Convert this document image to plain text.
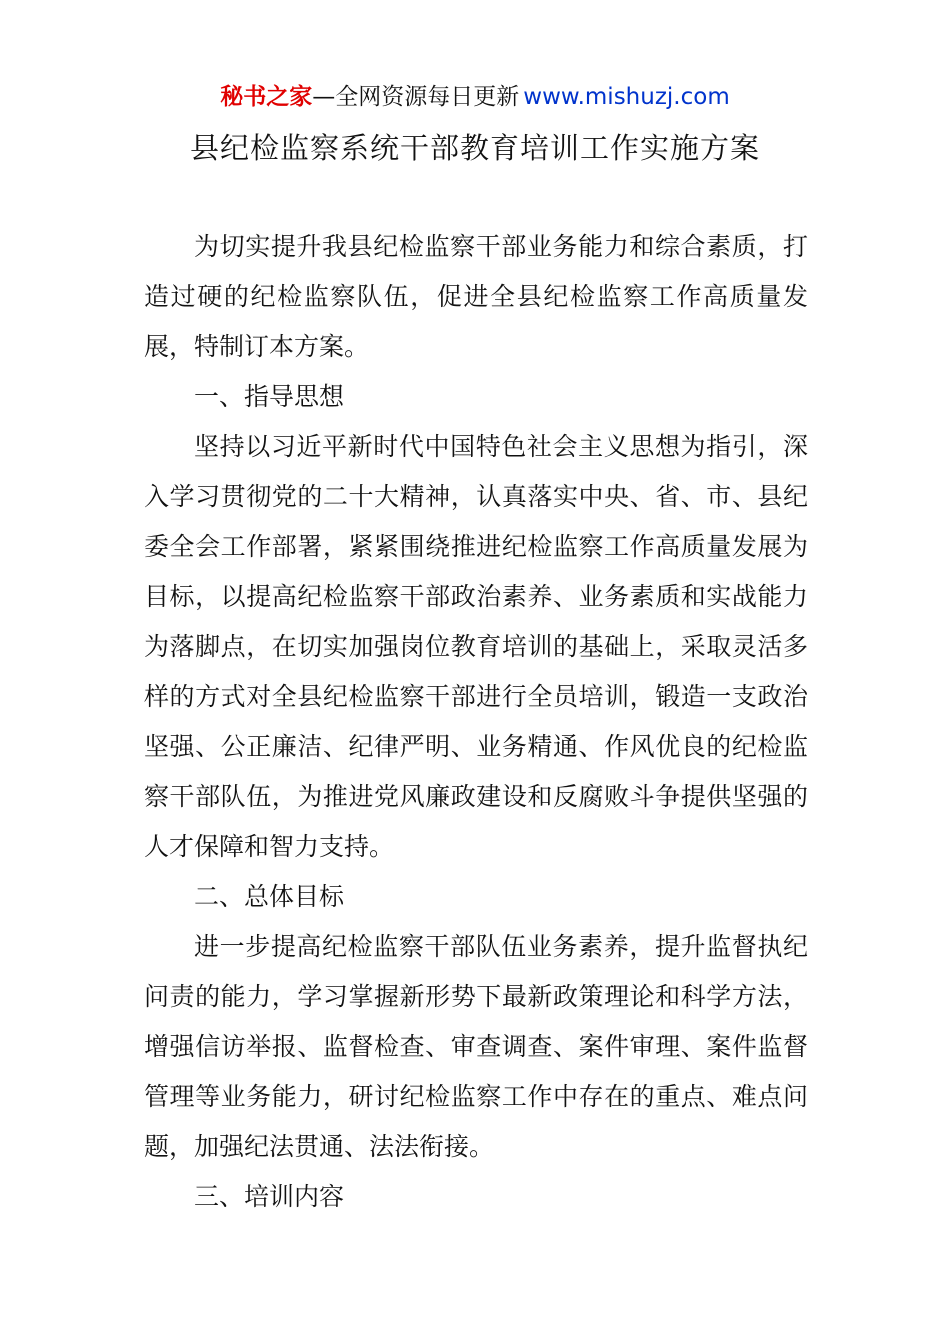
秘书之家—全网资源每日更新 www.mishuzj.com
县纪检监察系统干部教育培训工作实施方案

为切实提升我县纪检监察干部业务能力和综合素质，打造过硬的纪检监察队伍，促进全县纪检监察工作高质量发展，特制订本方案。

一、指导思想

坚持以习近平新时代中国特色社会主义思想为指引，深入学习贯彻党的二十大精神，认真落实中央、省、市、县纪委全会工作部署，紧紧围绕推进纪检监察工作高质量发展为目标，以提高纪检监察干部政治素养、业务素质和实战能力为落脚点，在切实加强岗位教育培训的基础上，采取灵活多样的方式对全县纪检监察干部进行全员培训，锻造一支政治坚强、公正廉洁、纪律严明、业务精通、作风优良的纪检监察干部队伍，为推进党风廉政建设和反腐败斗争提供坚强的人才保障和智力支持。

二、总体目标

进一步提高纪检监察干部队伍业务素养，提升监督执纪问责的能力，学习掌握新形势下最新政策理论和科学方法，增强信访举报、监督检查、审查调查、案件审理、案件监督管理等业务能力，研讨纪检监察工作中存在的重点、难点问题，加强纪法贯通、法法衔接。

三、培训内容
